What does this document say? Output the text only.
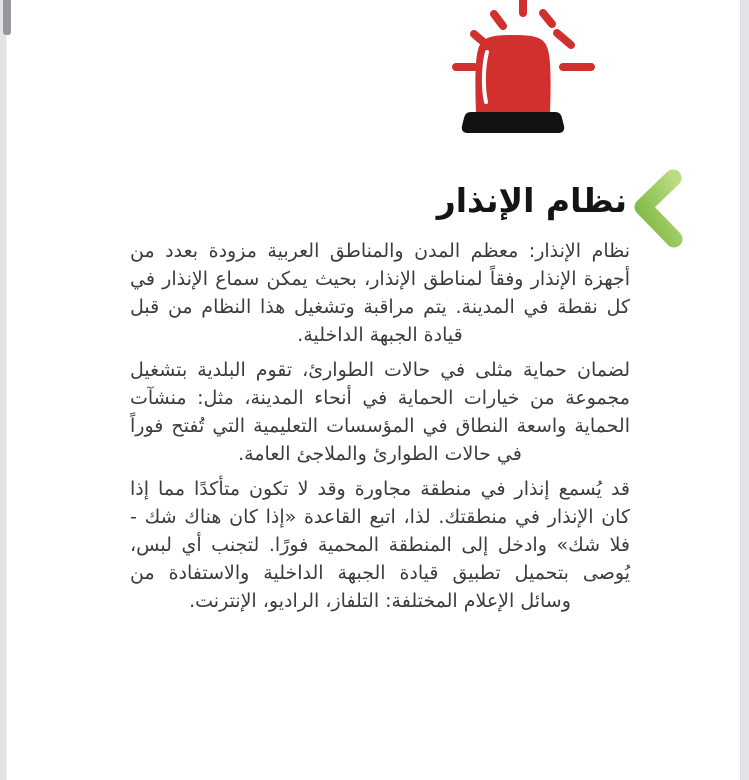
نظام الإنذار

نظام الإنذار: معظم المدن والمناطق العربية مزودة بعدد من أجهزة الإنذار وفقاً لمناطق الإنذار، بحيث يمكن سماع الإنذار في كل نقطة في المدينة. يتم مراقبة وتشغيل هذا النظام من قبل قيادة الجبهة الداخلية.

لضمان حماية مثلى في حالات الطوارئ، تقوم البلدية بتشغيل مجموعة من خيارات الحماية في أنحاء المدينة، مثل: منشآت الحماية واسعة النطاق في المؤسسات التعليمية التي تُفتح فوراً في حالات الطوارئ والملاجئ العامة.

قد يُسمع إنذار في منطقة مجاورة وقد لا تكون متأكدًا مما إذا كان الإنذار في منطقتك. لذا، اتبع القاعدة «إذا كان هناك شك - فلا شك» وادخل إلى المنطقة المحمية فورًا. لتجنب أي لبس، يُوصى بتحميل تطبيق قيادة الجبهة الداخلية والاستفادة من وسائل الإعلام المختلفة: التلفاز، الراديو، الإنترنت.
